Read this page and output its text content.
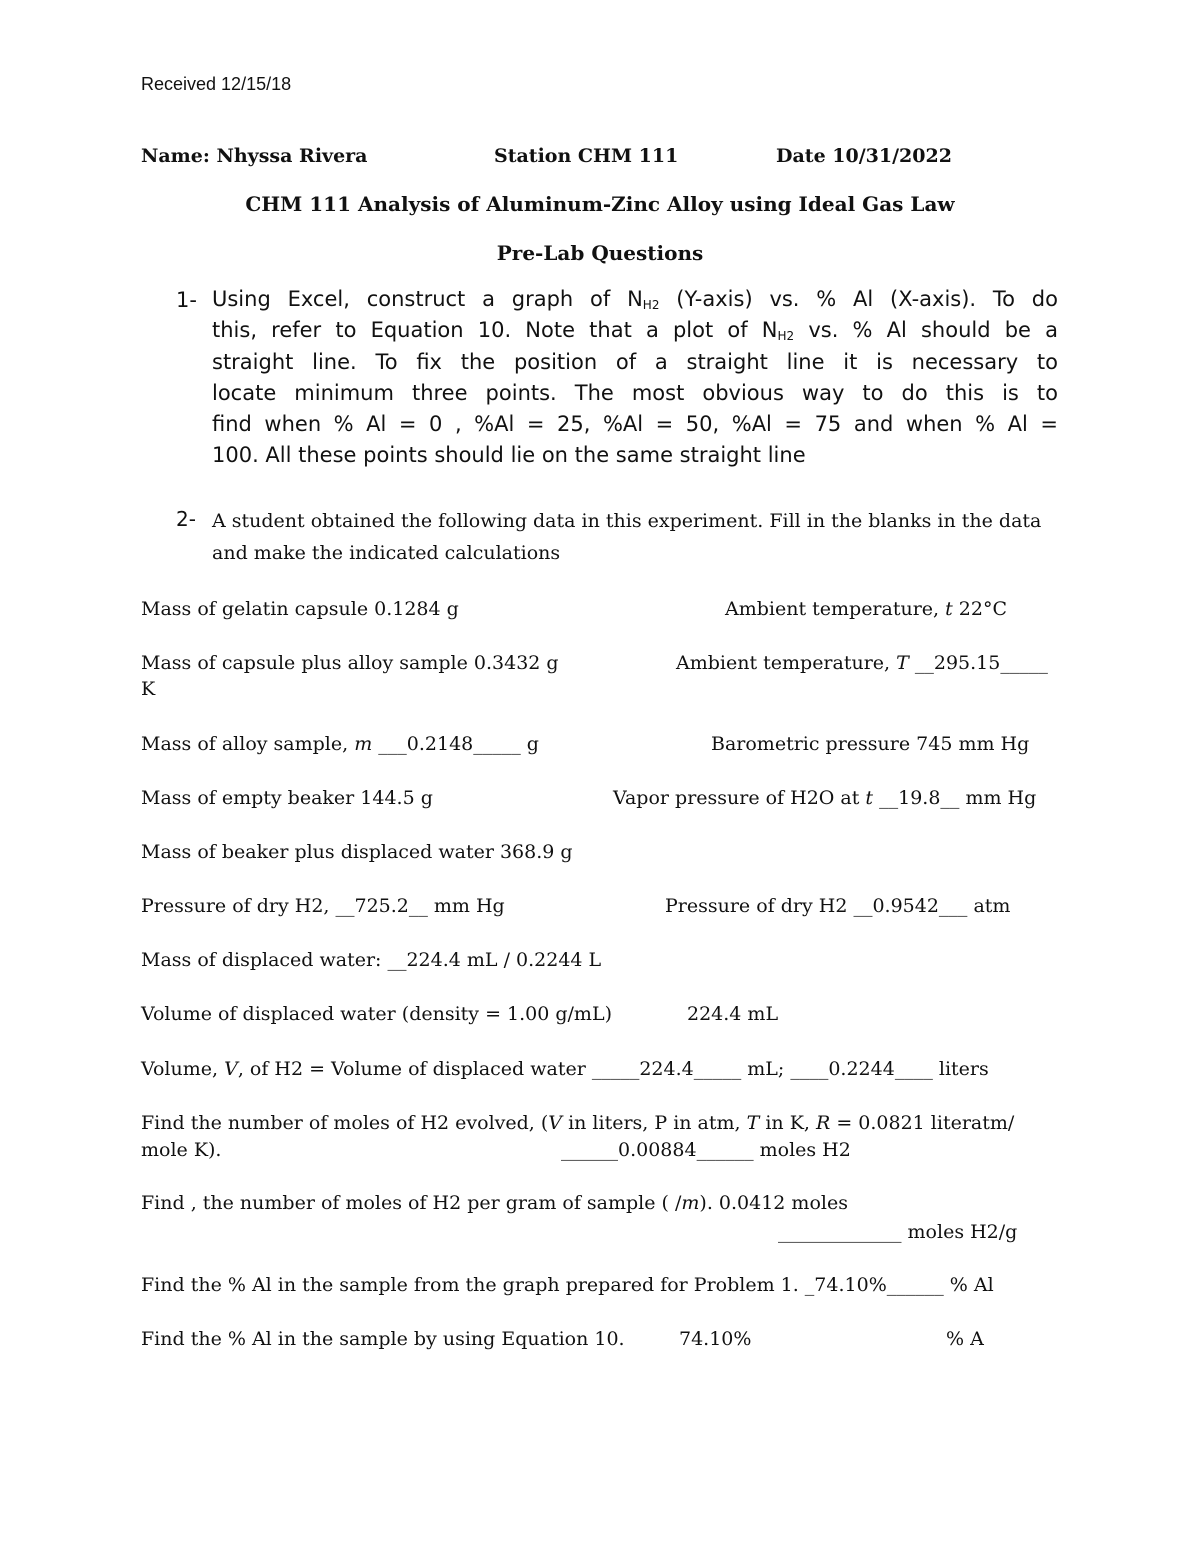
Received 12/15/18
Name: Nhyssa Rivera	Station CHM 111	Date 10/31/2022
CHM 111 Analysis of Aluminum-Zinc Alloy using Ideal Gas Law
Pre-Lab Questions
1- Using Excel, construct a graph of $N_{H2}$ (Y-axis) vs. % Al (X-axis). To do
this, refer to Equation 10. Note that a plot of $N_{H2}$ vs. % Al should be a
straight line. To fix the position of a straight line it is necessary to
locate minimum three points. The most obvious way to do this is to
find when % Al = 0 , %Al = 25, %Al = 50, %Al = 75 and when % Al =
100. All these points should lie on the same straight line
2- A student obtained the following data in this experiment. Fill in the blanks in the data and make the indicated calculations
Mass of gelatin capsule 0.1284 g	Ambient temperature, t 22°C
Mass of capsule plus alloy sample 0.3432 g	Ambient temperature, T __295.15_____
K
Mass of alloy sample, m ___0.2148_____ g	Barometric pressure 745 mm Hg
Mass of empty beaker 144.5 g	Vapor pressure of H2O at t __19.8__ mm Hg
Mass of beaker plus displaced water 368.9 g
Pressure of dry H2, __725.2__ mm Hg	Pressure of dry H2 __0.9542___ atm
Mass of displaced water: __224.4 mL / 0.2244 L
Volume of displaced water (density = 1.00 g/mL)	224.4 mL
Volume, V, of H2 = Volume of displaced water _____224.4_____ mL; ____0.2244____ liters
Find the number of moles of H2 evolved, (V in liters, P in atm, T in K, R = 0.0821 literatm/
mole K).	______0.00884______ moles H2
Find , the number of moles of H2 per gram of sample ( /m). 0.0412 moles
_____________ moles H2/g
Find the % Al in the sample from the graph prepared for Problem 1. _74.10%______ % Al
Find the % Al in the sample by using Equation 10.	74.10%	% A
